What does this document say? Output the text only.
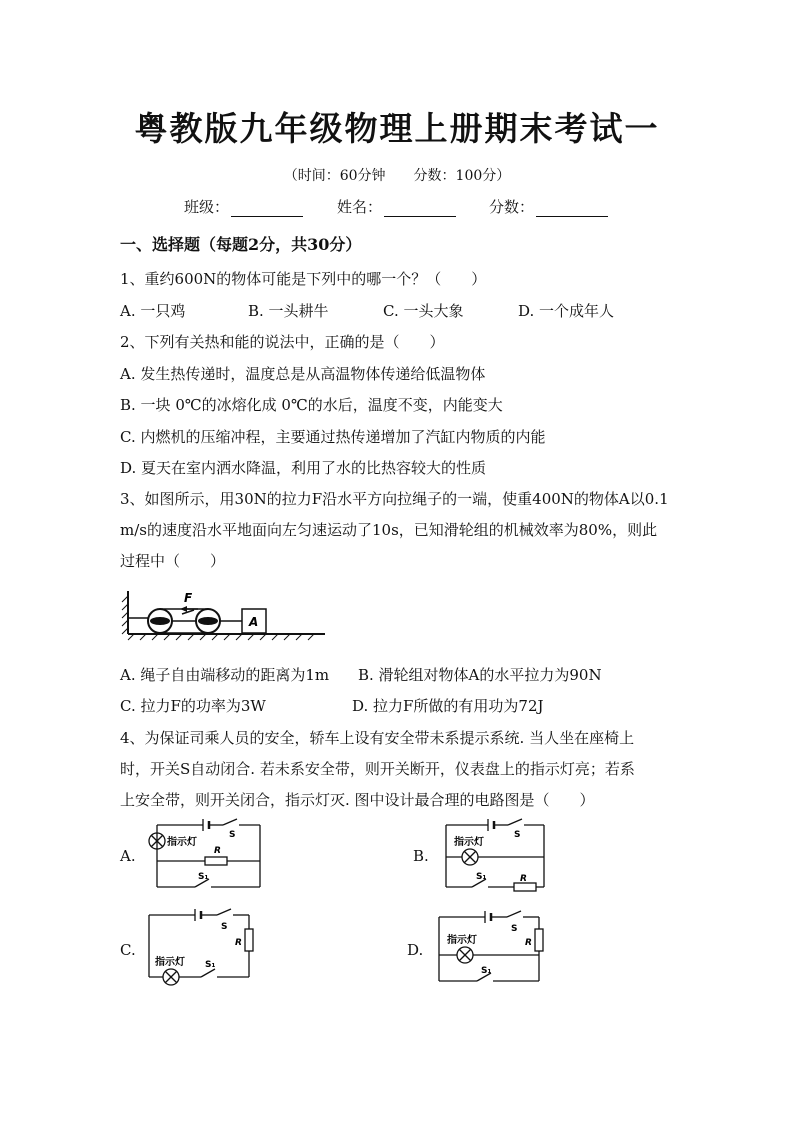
粤教版九年级物理上册期末考试一
（时间：60分钟　　分数：100分）
班级：	姓名：	分数：
一、选择题（每题2分，共30分）
1、重约600N的物体可能是下列中的哪一个？（　　）
A. 一只鸡	B. 一头耕牛	C. 一头大象	D. 一个成年人
2、下列有关热和能的说法中，正确的是（　　）
A. 发生热传递时，温度总是从高温物体传递给低温物体
B. 一块 0℃的冰熔化成 0℃的水后，温度不变，内能变大
C. 内燃机的压缩冲程，主要通过热传递增加了汽缸内物质的内能
D. 夏天在室内洒水降温，利用了水的比热容较大的性质
3、如图所示，用30N的拉力F沿水平方向拉绳子的一端，使重400N的物体A以0.1
m/s的速度沿水平地面向左匀速运动了10s，已知滑轮组的机械效率为80%，则此
过程中（　　）
F
A
A. 绳子自由端移动的距离为1m B. 滑轮组对物体A的水平拉力为90N
C. 拉力F的功率为3W	D. 拉力F所做的有用功为72J
4、为保证司乘人员的安全，轿车上设有安全带未系提示系统. 当人坐在座椅上
时，开关S自动闭合. 若未系安全带，则开关断开，仪表盘上的指示灯亮；若系
上安全带，则开关闭合，指示灯灭. 图中设计最合理的电路图是（　　）
A.
指示灯
R
S
S₁
B.
指示灯
R
S
S₁
C.
指示灯
R
S
S₁
D.
指示灯	R
S
S₁
